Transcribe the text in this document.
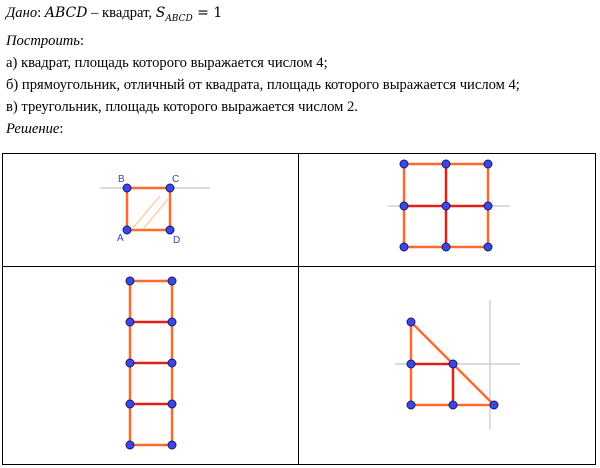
Дано: ABCD – квадрат, $S_{ABCD} = 1$
Построить:
а) квадрат, площадь которого выражается числом 4;
б) прямоугольник, отличный от квадрата, площадь которого выражается числом 4;
в) треугольник, площадь которого выражается числом 2.
Решение:
B	C
A	D
